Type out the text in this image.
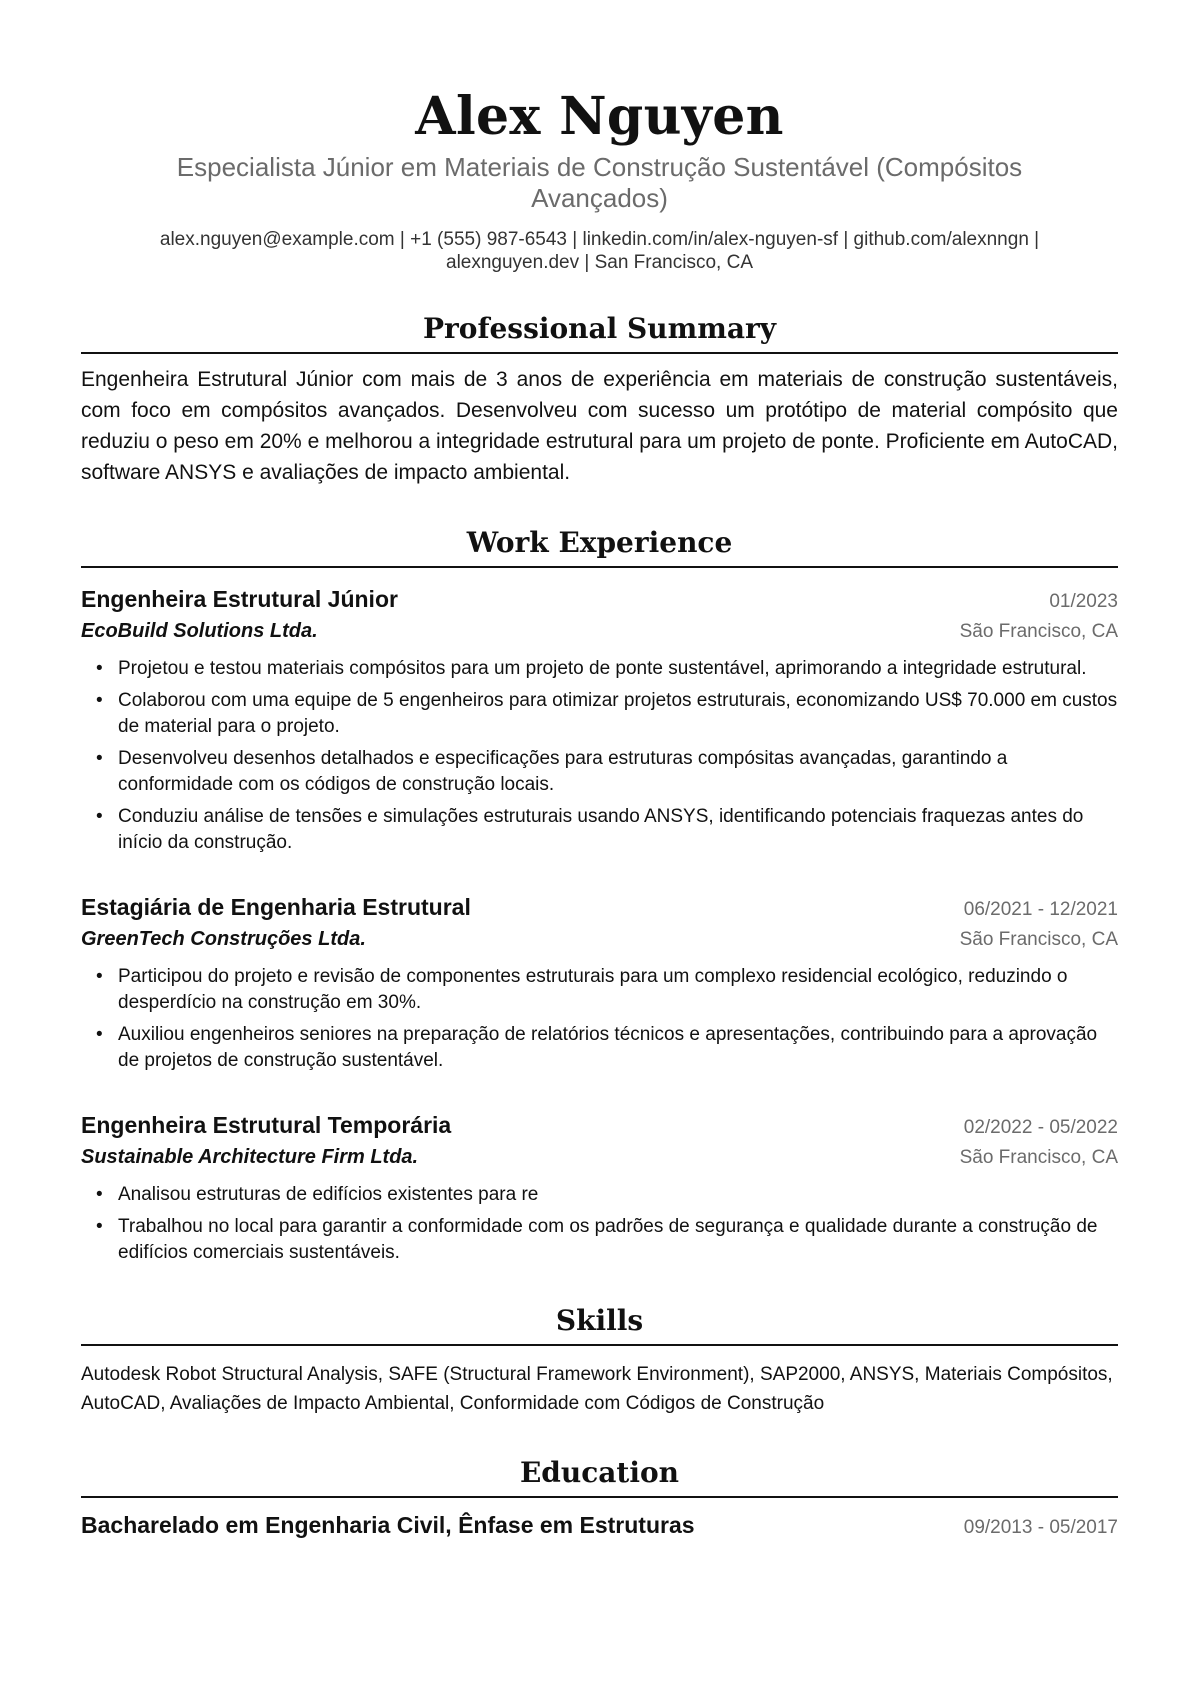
Alex Nguyen
Especialista Júnior em Materiais de Construção Sustentável (Compósitos Avançados)
alex.nguyen@example.com | +1 (555) 987-6543 | linkedin.com/in/alex-nguyen-sf | github.com/alexnngn | alexnguyen.dev | San Francisco, CA
Professional Summary

Engenheira Estrutural Júnior com mais de 3 anos de experiência em materiais de construção sustentáveis, com foco em compósitos avançados. Desenvolveu com sucesso um protótipo de material compósito que reduziu o peso em 20% e melhorou a integridade estrutural para um projeto de ponte. Proficiente em AutoCAD, software ANSYS e avaliações de impacto ambiental.

Work Experience
Engenheira Estrutural Júnior	01/2023
EcoBuild Solutions Ltda.	São Francisco, CA
• Projetou e testou materiais compósitos para um projeto de ponte sustentável, aprimorando a integridade estrutural.
• Colaborou com uma equipe de 5 engenheiros para otimizar projetos estruturais, economizando US$ 70.000 em custos de material para o projeto.
• Desenvolveu desenhos detalhados e especificações para estruturas compósitas avançadas, garantindo a conformidade com os códigos de construção locais.
• Conduziu análise de tensões e simulações estruturais usando ANSYS, identificando potenciais fraquezas antes do início da construção.
Estagiária de Engenharia Estrutural	06/2021 - 12/2021
GreenTech Construções Ltda.	São Francisco, CA
• Participou do projeto e revisão de componentes estruturais para um complexo residencial ecológico, reduzindo o desperdício na construção em 30%.
• Auxiliou engenheiros seniores na preparação de relatórios técnicos e apresentações, contribuindo para a aprovação de projetos de construção sustentável.
Engenheira Estrutural Temporária	02/2022 - 05/2022
Sustainable Architecture Firm Ltda.	São Francisco, CA
• Analisou estruturas de edifícios existentes para re
• Trabalhou no local para garantir a conformidade com os padrões de segurança e qualidade durante a construção de edifícios comerciais sustentáveis.
Skills

Autodesk Robot Structural Analysis, SAFE (Structural Framework Environment), SAP2000, ANSYS, Materiais Compósitos, AutoCAD, Avaliações de Impacto Ambiental, Conformidade com Códigos de Construção

Education
Bacharelado em Engenharia Civil, Ênfase em Estruturas	09/2013 - 05/2017
